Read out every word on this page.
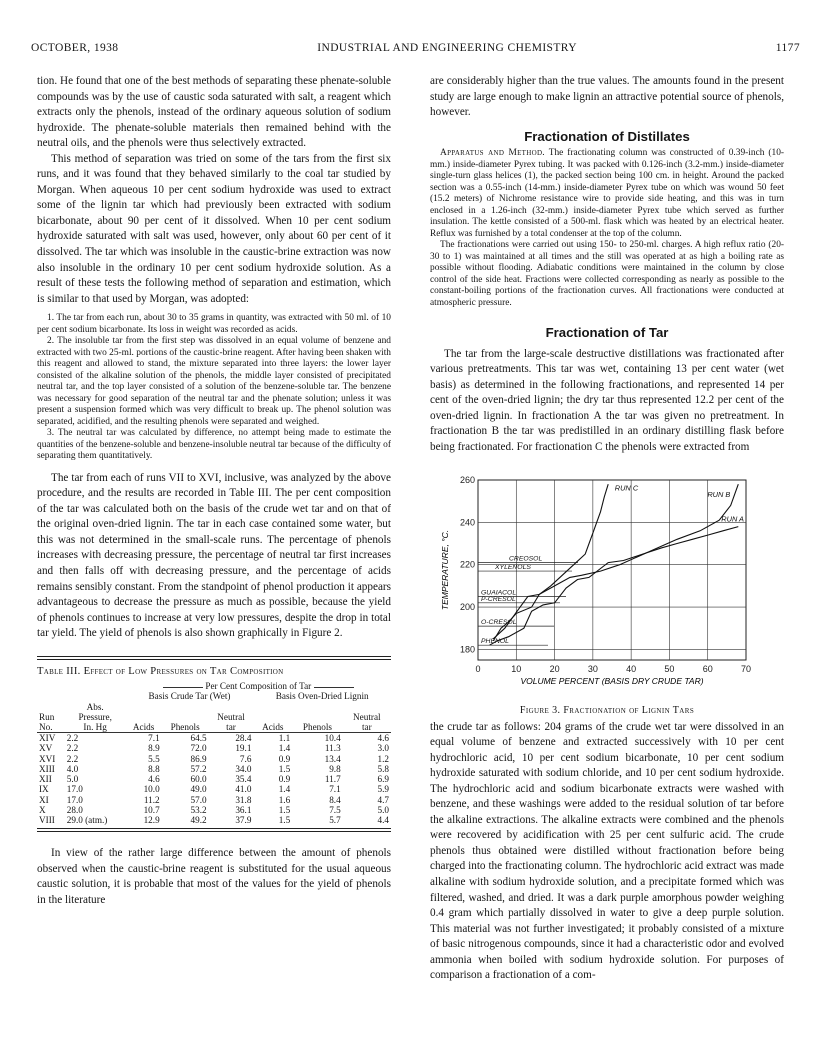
OCTOBER, 1938	INDUSTRIAL AND ENGINEERING CHEMISTRY	1177

tion. He found that one of the best methods of separating these phenate-soluble compounds was by the use of caustic soda saturated with salt, a reagent which extracts only the phenols, instead of the ordinary aqueous solution of sodium hydroxide. The phenate-soluble materials then remained behind with the neutral oils, and the phenols were thus selectively extracted.

This method of separation was tried on some of the tars from the first six runs, and it was found that they behaved similarly to the coal tar studied by Morgan. When aqueous 10 per cent sodium hydroxide was used to extract some of the lignin tar which had previously been extracted with sodium bicarbonate, about 90 per cent of it dissolved. When 10 per cent sodium hydroxide saturated with salt was used, however, only about 60 per cent of it dissolved. The tar which was insoluble in the caustic-brine extraction was now also insoluble in the ordinary 10 per cent sodium hydroxide solution. As a result of these tests the following method of separation and estimation, which is similar to that used by Morgan, was adopted:

1. The tar from each run, about 30 to 35 grams in quantity, was extracted with 50 ml. of 10 per cent sodium bicarbonate. Its loss in weight was recorded as acids.

2. The insoluble tar from the first step was dissolved in an equal volume of benzene and extracted with two 25-ml. portions of the caustic-brine reagent. After having been shaken with this reagent and allowed to stand, the mixture separated into three layers: the lower layer consisted of the alkaline solution of the phenols, the middle layer consisted of precipitated neutral tar, and the top layer consisted of a solution of the benzene-soluble tar. The benzene was necessary for good separation of the neutral tar and the phenate solution; unless it was present a suspension formed which was very difficult to break up. The phenol solution was separated, acidified, and the resulting phenols were separated and weighed.

3. The neutral tar was calculated by difference, no attempt being made to estimate the quantities of the benzene-soluble and benzene-insoluble neutral tar because of the difficulty of separating them quantitatively.

The tar from each of runs VII to XVI, inclusive, was analyzed by the above procedure, and the results are recorded in Table III. The per cent composition of the tar was calculated both on the basis of the crude wet tar and on that of the original oven-dried lignin. The tar in each case contained some water, but this was not determined in the small-scale runs. The percentage of phenols increases with decreasing pressure, the percentage of neutral tar first increases and then falls off with decreasing pressure, and the percentage of acids remains sensibly constant. From the standpoint of phenol production it appears advantageous to decrease the pressure as much as possible, because the yield of phenols continues to increase at very low pressures, despite the drop in total tar yield. The yield of phenols is also shown graphically in Figure 2.

Table III. Effect of Low Pressures on Tar Composition
		Per Cent Composition of Tar					
		Basis Crude Tar (Wet)			Basis Oven-Dried Lignin		
Run
No.	Abs.
Pressure,
In. Hg	Acids	Phenols	Neutral
tar	Acids	Phenols	Neutral
tar
XIV	2.2	7.1	64.5	28.4	1.1	10.4	4.6
XV	2.2	8.9	72.0	19.1	1.4	11.3	3.0
XVI	2.2	5.5	86.9	7.6	0.9	13.4	1.2
XIII	4.0	8.8	57.2	34.0	1.5	9.8	5.8
XII	5.0	4.6	60.0	35.4	0.9	11.7	6.9
IX	17.0	10.0	49.0	41.0	1.4	7.1	5.9
XI	17.0	11.2	57.0	31.8	1.6	8.4	4.7
X	28.0	10.7	53.2	36.1	1.5	7.5	5.0
VIII	29.0 (atm.)	12.9	49.2	37.9	1.5	5.7	4.4

In view of the rather large difference between the amount of phenols observed when the caustic-brine reagent is substituted for the usual aqueous caustic solution, it is probable that most of the values for the yield of phenols in the literature

are considerably higher than the true values. The amounts found in the present study are large enough to make lignin an attractive potential source of phenols, however.

Fractionation of Distillates

Apparatus and Method. The fractionating column was constructed of 0.39-inch (10-mm.) inside-diameter Pyrex tubing. It was packed with 0.126-inch (3.2-mm.) inside-diameter single-turn glass helices (1), the packed section being 100 cm. in height. Around the packed section was a 0.55-inch (14-mm.) inside-diameter Pyrex tube on which was wound 50 feet (15.2 meters) of Nichrome resistance wire to provide side heating, and this was in turn enclosed in a 1.26-inch (32-mm.) inside-diameter Pyrex tube which served as further insulation. The kettle consisted of a 500-ml. flask which was heated by an electrical heater. Reflux was furnished by a total condenser at the top of the column.

The fractionations were carried out using 150- to 250-ml. charges. A high reflux ratio (20-30 to 1) was maintained at all times and the still was operated at as high a boiling rate as possible without flooding. Adiabatic conditions were maintained in the column by close control of the side heat. Fractions were collected corresponding as nearly as possible to the constant-boiling portions of the fractionation curves. All fractionations were conducted at atmospheric pressure.

Fractionation of Tar

The tar from the large-scale destructive distillations was fractionated after various pretreatments. This tar was wet, containing 13 per cent water (wet basis) as determined in the following fractionations, and represented 14 per cent of the oven-dried lignin; the dry tar thus represented 12.2 per cent of the oven-dried lignin. In fractionation A the tar was given no pretreatment. In fractionation B the tar was predistilled in an ordinary distilling flask before being fractionated. For fractionation C the phenols were extracted from

0	10	20	30	40	50	60	70
180
200
220
240
260
TEMPERATURE, °C.
VOLUME PERCENT (BASIS DRY CRUDE TAR)
PHENOL
O-CRESOL
P-CRESOL
GUAIACOL
XYLENOLS
CREOSOL
RUN A
RUN B
RUN C
Figure 3. Fractionation of Lignin Tars

the crude tar as follows: 204 grams of the crude wet tar were dissolved in an equal volume of benzene and extracted successively with 10 per cent hydrochloric acid, 10 per cent sodium bicarbonate, 10 per cent sodium hydroxide saturated with sodium chloride, and 10 per cent sodium hydroxide. The hydrochloric acid and sodium bicarbonate extracts were washed with benzene, and these washings were added to the residual solution of tar before the alkaline extractions. The alkaline extracts were combined and the phenols were recovered by acidification with 25 per cent sulfuric acid. The crude phenols thus obtained were distilled without fractionation before being charged into the fractionating column. The hydrochloric acid extract was made alkaline with sodium hydroxide solution, and a precipitate formed which was filtered, washed, and dried. It was a dark purple amorphous powder weighing 0.4 gram which partially dissolved in water to give a deep purple solution. This material was not further investigated; it probably consisted of a mixture of basic nitrogenous compounds, since it had a characteristic odor and evolved ammonia when boiled with sodium hydroxide solution. For purposes of comparison a fractionation of a com-
